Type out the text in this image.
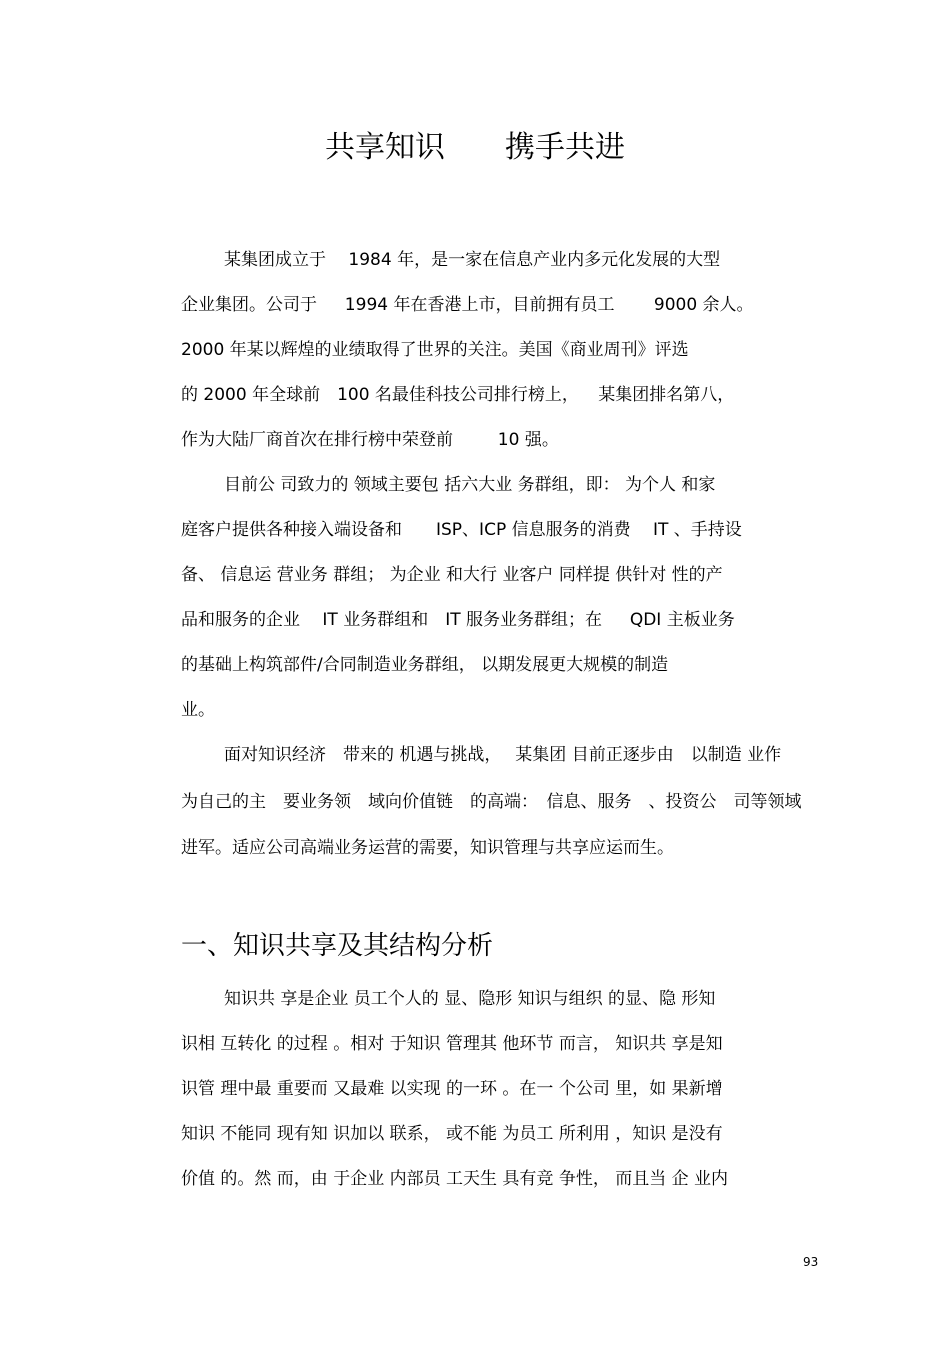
共享知识　　携手共进

某集团成立于　 1984 年，是一家在信息产业内多元化发展的大型

企业集团。公司于　  1994 年在香港上市，目前拥有员工　　 9000 余人。

2000 年某以辉煌的业绩取得了世界的关注。美国《商业周刊》评选

的 2000 年全球前　100 名最佳科技公司排行榜上，　  某集团排名第八，

作为大陆厂商首次在排行榜中荣登前　　  10 强。

目前公 司致力的 领域主要包 括六大业 务群组，即： 为个人 和家

庭客户提供各种接入端设备和　　ISP、ICP 信息服务的消费　 IT 、手持设

备、 信息运 营业务 群组； 为企业 和大行 业客户 同样提 供针对 性的产

品和服务的企业　 IT 业务群组和　IT 服务业务群组；在　  QDI 主板业务

的基础上构筑部件/合同制造业务群组， 以期发展更大规模的制造

业。

面对知识经济　带来的 机遇与挑战，　 某集团 目前正逐步由　以制造 业作

为自己的主　要业务领　域向价值链　的高端：　信息、服务　、投资公　司等领域

进军。适应公司高端业务运营的需要，知识管理与共享应运而生。

一、知识共享及其结构分析

知识共 享是企业 员工个人的 显、隐形 知识与组织 的显、隐 形知

识相 互转化 的过程 。相对 于知识 管理其 他环节 而言， 知识共 享是知

识管 理中最 重要而 又最难 以实现 的一环 。在一 个公司 里，如 果新增

知识 不能同 现有知 识加以 联系， 或不能 为员工 所利用 ，知识 是没有

价值 的。然 而，由 于企业 内部员 工天生 具有竞 争性， 而且当 企 业内

93
